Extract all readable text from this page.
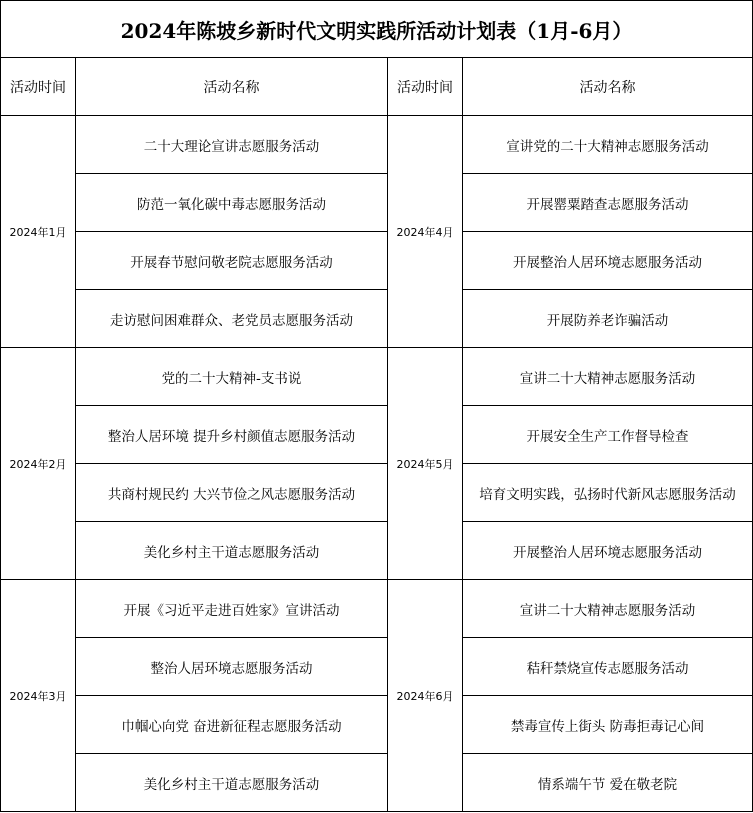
2024年陈坡乡新时代文明实践所活动计划表（1月-6月）			
活动时间	活动名称	活动时间	活动名称
2024年1月	二十大理论宣讲志愿服务活动	2024年4月	宣讲党的二十大精神志愿服务活动
	防范一氧化碳中毒志愿服务活动		开展罂粟踏查志愿服务活动
	开展春节慰问敬老院志愿服务活动		开展整治人居环境志愿服务活动
	走访慰问困难群众、老党员志愿服务活动		开展防养老诈骗活动
2024年2月	党的二十大精神-支书说	2024年5月	宣讲二十大精神志愿服务活动
	整治人居环境 提升乡村颜值志愿服务活动		开展安全生产工作督导检查
	共商村规民约 大兴节俭之风志愿服务活动		培育文明实践，弘扬时代新风志愿服务活动
	美化乡村主干道志愿服务活动		开展整治人居环境志愿服务活动
2024年3月	开展《习近平走进百姓家》宣讲活动	2024年6月	宣讲二十大精神志愿服务活动
	整治人居环境志愿服务活动		秸秆禁烧宣传志愿服务活动
	巾帼心向党 奋进新征程志愿服务活动		禁毒宣传上街头 防毒拒毒记心间
	美化乡村主干道志愿服务活动		情系端午节 爱在敬老院
